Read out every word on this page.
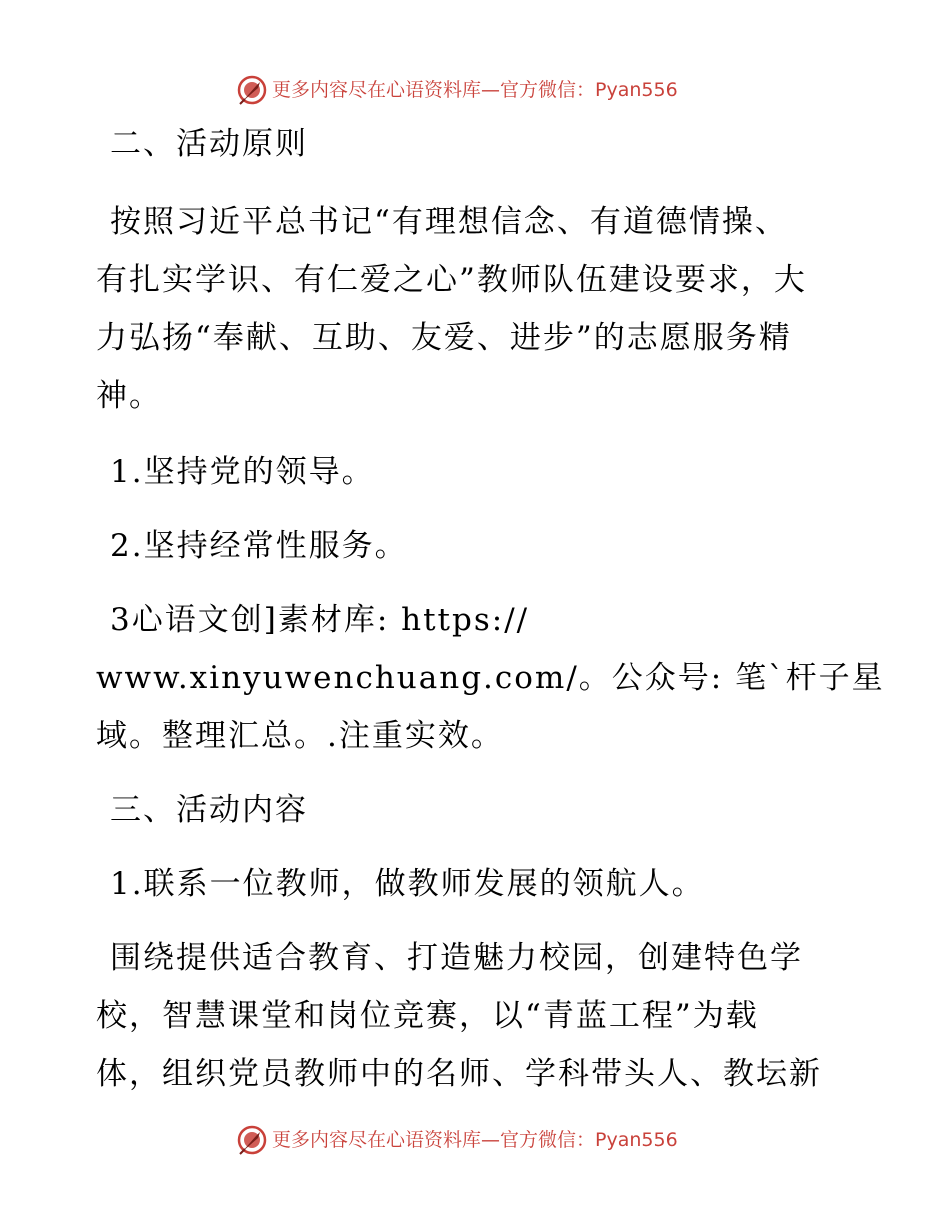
更多内容尽在心语资料库—官方微信：Pyan556
二、活动原则
按照习近平总书记“有理想信念、有道德情操、
有扎实学识、有仁爱之心”教师队伍建设要求，大
力弘扬“奉献、互助、友爱、进步”的志愿服务精
神。
1.坚持党的领导。
2.坚持经常性服务。
3心语文创]素材库: https://
www.xinyuwenchuang.com/。公众号: 笔`杆子星
域。整理汇总。.注重实效。
三、活动内容
1.联系一位教师，做教师发展的领航人。
围绕提供适合教育、打造魅力校园，创建特色学
校，智慧课堂和岗位竞赛，以“青蓝工程”为载
体，组织党员教师中的名师、学科带头人、教坛新
更多内容尽在心语资料库—官方微信：Pyan556
